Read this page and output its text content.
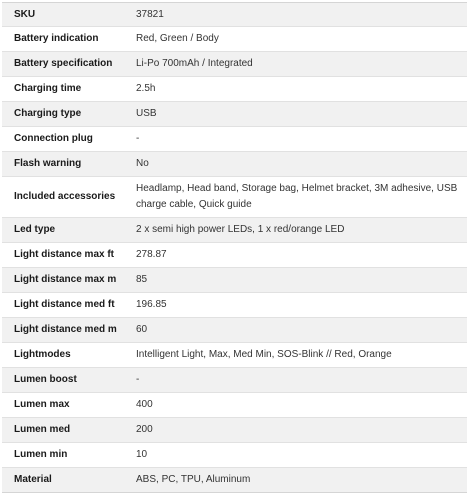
SKU	37821
Battery indication	Red, Green / Body
Battery specification	Li-Po 700mAh / Integrated
Charging time	2.5h
Charging type	USB
Connection plug	-
Flash warning	No
Included accessories	Headlamp, Head band, Storage bag, Helmet bracket, 3M adhesive, USB charge cable, Quick guide
Led type	2 x semi high power LEDs, 1 x red/orange LED
Light distance max ft	278.87
Light distance max m	85
Light distance med ft	196.85
Light distance med m	60
Lightmodes	Intelligent Light, Max, Med Min, SOS-Blink // Red, Orange
Lumen boost	-
Lumen max	400
Lumen med	200
Lumen min	10
Material	ABS, PC, TPU, Aluminum
